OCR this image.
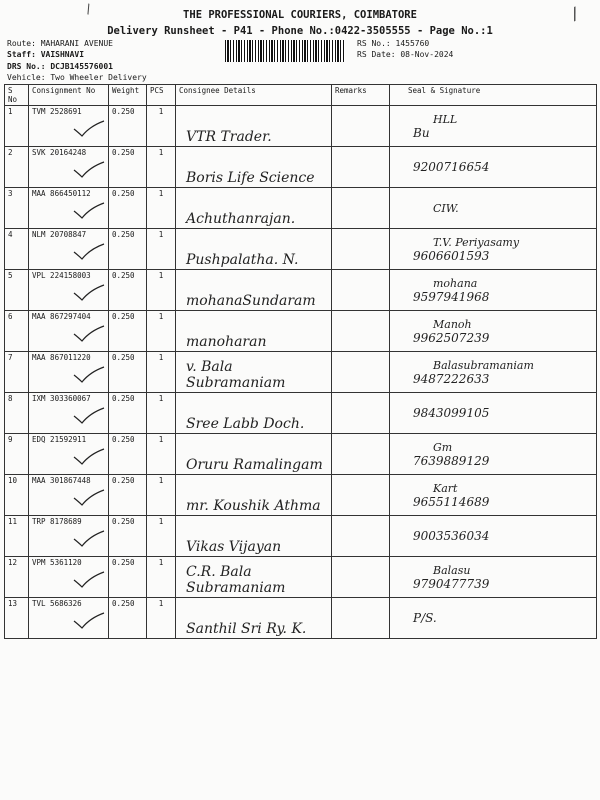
THE PROFESSIONAL COURIERS, COIMBATORE
Delivery Runsheet - P41 - Phone No.:0422-3505555 - Page No.:1
Route: MAHARANI AVENUE
Staff: VAISHNAVI
DRS No.: DCJB145576001
Vehicle: Two Wheeler Delivery
RS No.: 1455760
RS Date: 08-Nov-2024
\	/
S No	Consignment No	Weight	PCS	Consignee Details	Remarks	Seal & Signature
1	TVM 2528691	0.250	1	VTR Trader.		HLL
Bu

2	SVK 20164248	0.250	1	Boris Life Science		9200716654

3	MAA 866450112	0.250	1	Achuthanrajan.		CIW.

4	NLM 20708847	0.250	1	Pushpalatha. N.		T.V. Periyasamy
9606601593

5	VPL 224158003	0.250	1	mohanaSundaram		mohana
9597941968

6	MAA 867297404	0.250	1	manoharan		Manoh
9962507239

7	MAA 867011220	0.250	1	v. Bala Subramaniam		Balasubramaniam
9487222633

8	IXM 303360067	0.250	1	Sree Labb Doch.		9843099105

9	EDQ 21592911	0.250	1	Oruru Ramalingam		Gm
7639889129

10	MAA 301867448	0.250	1	mr. Koushik Athma		Kart
9655114689

11	TRP 8178689	0.250	1	Vikas Vijayan		9003536034

12	VPM 5361120	0.250	1	C.R. Bala Subramaniam		Balasu
9790477739

13	TVL 5686326	0.250	1	Santhil Sri Ry. K.		P/S.
